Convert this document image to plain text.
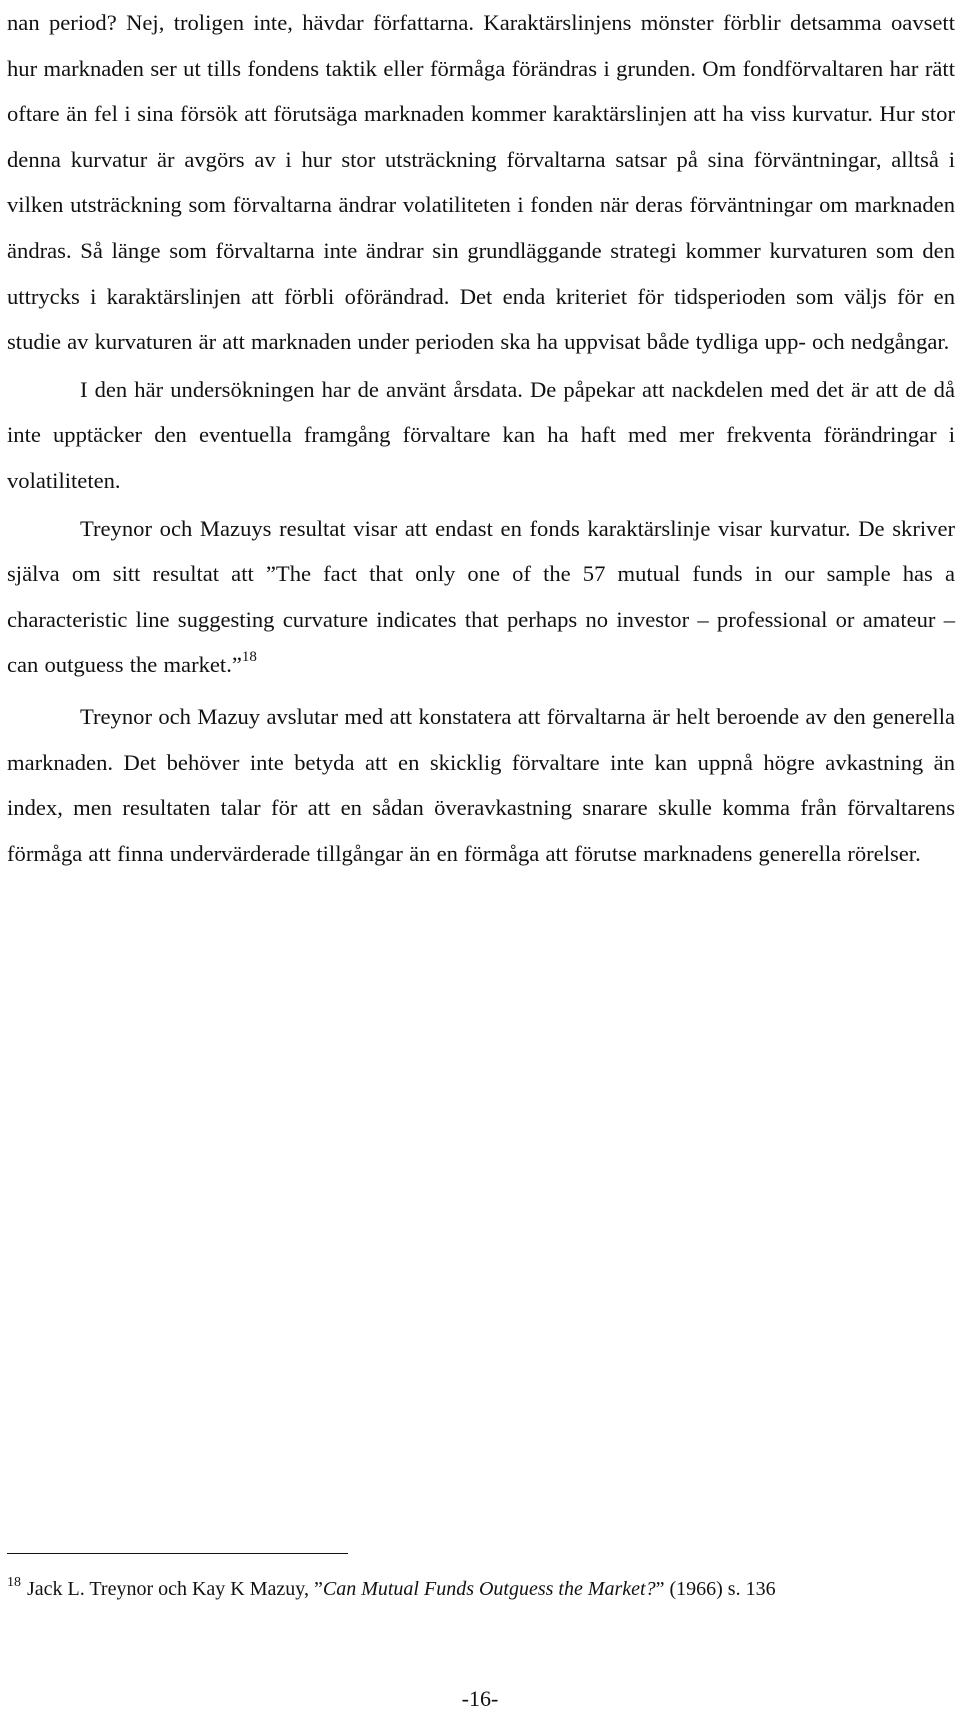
nan period? Nej, troligen inte, hävdar författarna. Karaktärslinjens mönster förblir detsamma oavsett hur marknaden ser ut tills fondens taktik eller förmåga förändras i grunden. Om fondförvaltaren har rätt oftare än fel i sina försök att förutsäga marknaden kommer karaktärslinjen att ha viss kurvatur. Hur stor denna kurvatur är avgörs av i hur stor utsträckning förvaltarna satsar på sina förväntningar, alltså i vilken utsträckning som förvaltarna ändrar volatiliteten i fonden när deras förväntningar om marknaden ändras. Så länge som förvaltarna inte ändrar sin grundläggande strategi kommer kurvaturen som den uttrycks i karaktärslinjen att förbli oförändrad. Det enda kriteriet för tidsperioden som väljs för en studie av kurvaturen är att marknaden under perioden ska ha uppvisat både tydliga upp- och nedgångar.

I den här undersökningen har de använt årsdata. De påpekar att nackdelen med det är att de då inte upptäcker den eventuella framgång förvaltare kan ha haft med mer frekventa förändringar i volatiliteten.

Treynor och Mazuys resultat visar att endast en fonds karaktärslinje visar kurvatur. De skriver själva om sitt resultat att ”The fact that only one of the 57 mutual funds in our sample has a characteristic line suggesting curvature indicates that perhaps no investor – professional or amateur – can outguess the market.”$^{18}$

Treynor och Mazuy avslutar med att konstatera att förvaltarna är helt beroende av den generella marknaden. Det behöver inte betyda att en skicklig förvaltare inte kan uppnå högre avkastning än index, men resultaten talar för att en sådan överavkastning snarare skulle komma från förvaltarens förmåga att finna undervärderade tillgångar än en förmåga att förutse marknadens generella rörelser.

$^{18}$ Jack L. Treynor och Kay K Mazuy, ”Can Mutual Funds Outguess the Market?” (1966) s. 136

-16-
